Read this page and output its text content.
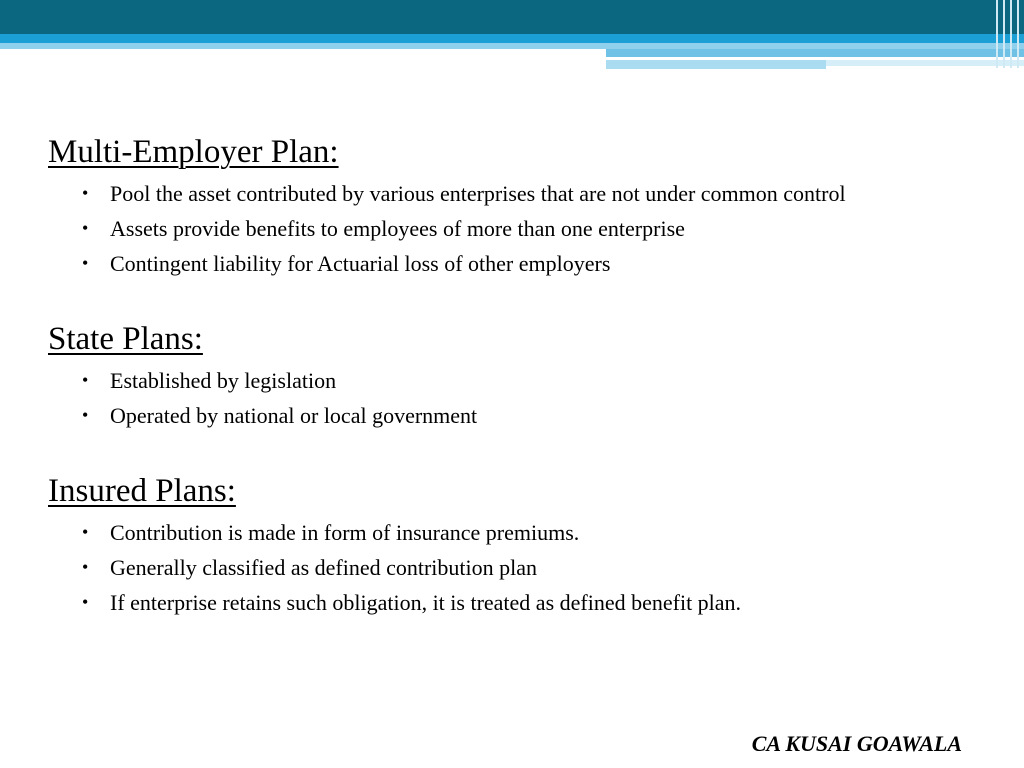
Multi-Employer Plan:
• Pool the asset contributed by various enterprises that are not under common control
• Assets provide benefits to employees of more than one enterprise
• Contingent liability for Actuarial loss of other employers
State Plans:
• Established by legislation
• Operated by national or local government
Insured Plans:
• Contribution is made in form of insurance premiums.
• Generally classified as defined contribution plan
• If enterprise retains such obligation, it is treated as defined benefit plan.
CA KUSAI GOAWALA
